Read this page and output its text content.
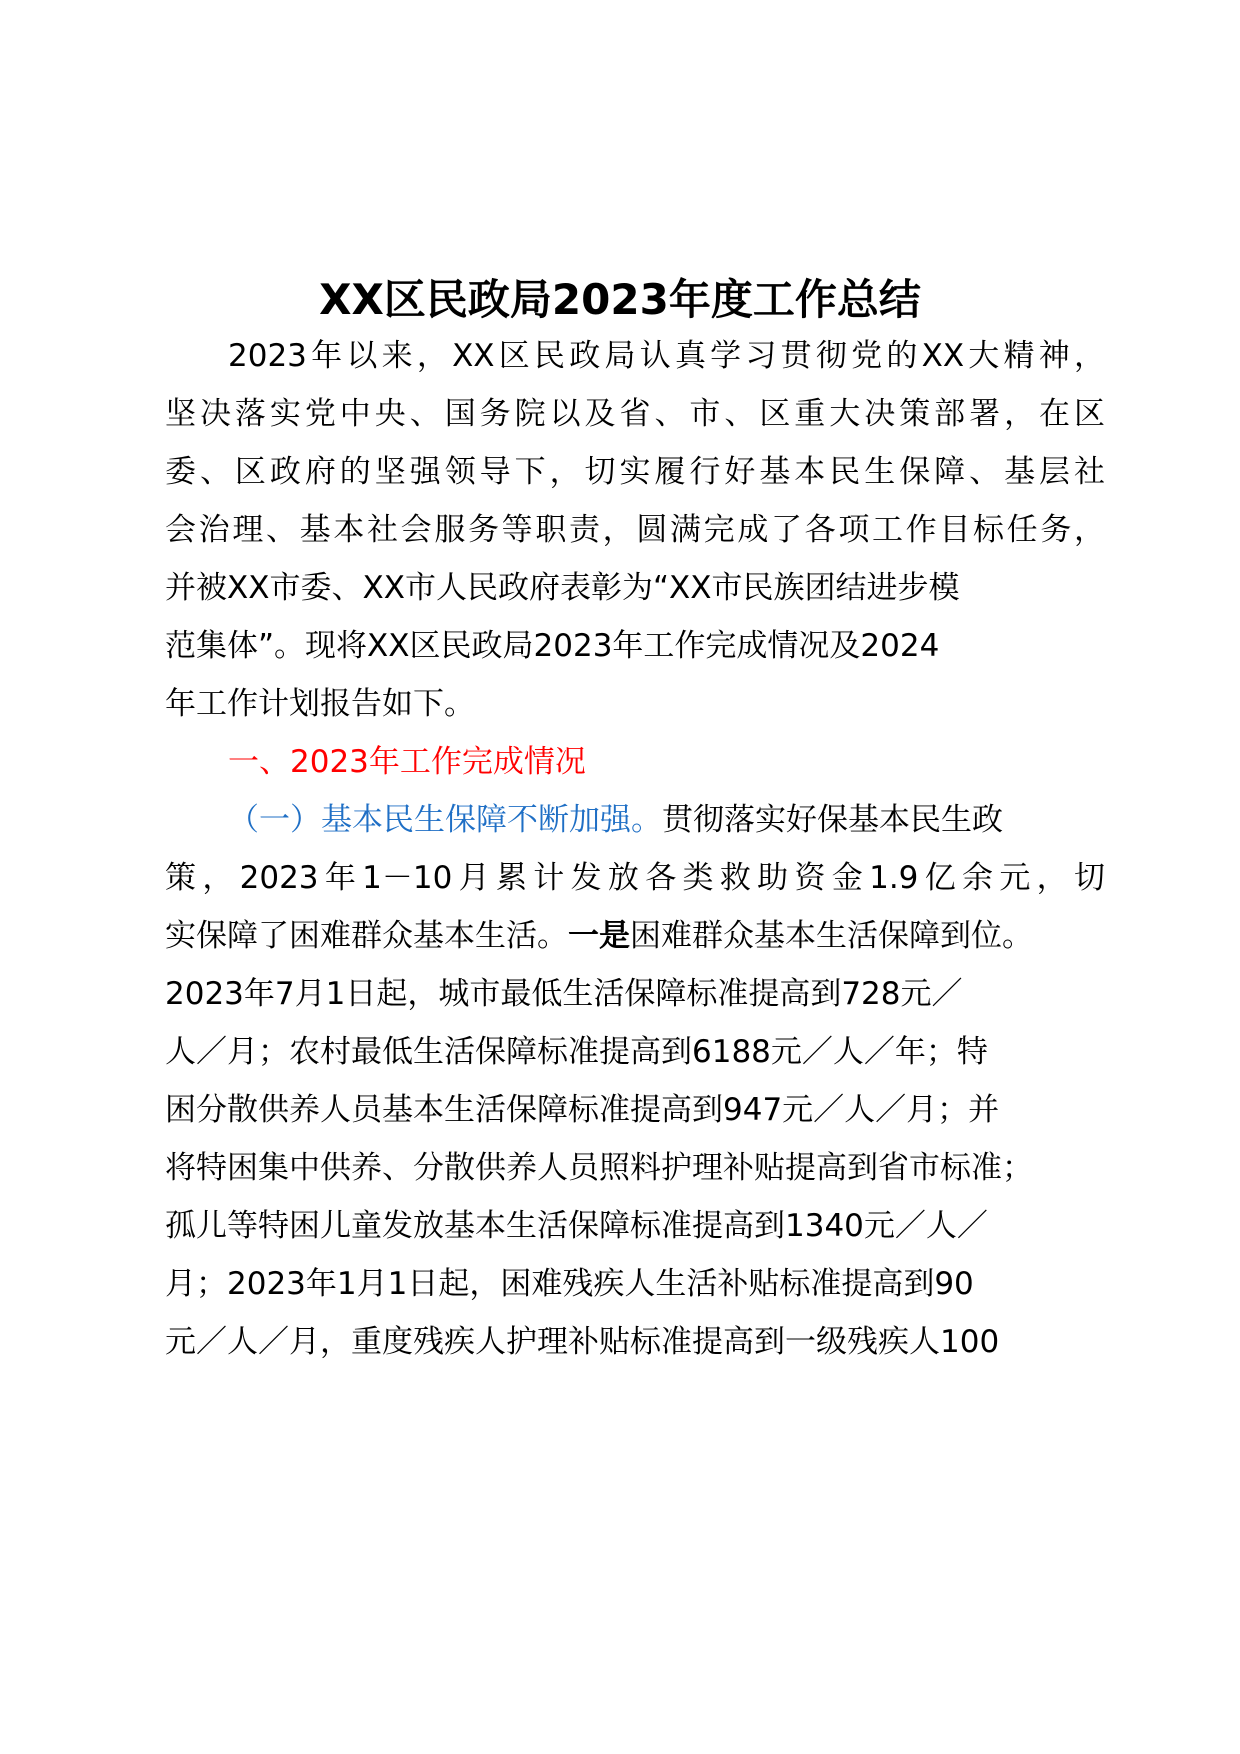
XX区民政局2023年度工作总结
2023年以来，XX区民政局认真学习贯彻党的XX大精神，
坚决落实党中央、国务院以及省、市、区重大决策部署，在区
委、区政府的坚强领导下，切实履行好基本民生保障、基层社
会治理、基本社会服务等职责，圆满完成了各项工作目标任务，
并被XX市委、XX市人民政府表彰为“XX市民族团结进步模
范集体”。现将XX区民政局2023年工作完成情况及2024
年工作计划报告如下。
一、2023年工作完成情况
（一）基本民生保障不断加强。贯彻落实好保基本民生政
策，2023年1－10月累计发放各类救助资金1.9亿余元，切
实保障了困难群众基本生活。一是困难群众基本生活保障到位。
2023年7月1日起，城市最低生活保障标准提高到728元／
人／月；农村最低生活保障标准提高到6188元／人／年；特
困分散供养人员基本生活保障标准提高到947元／人／月；并
将特困集中供养、分散供养人员照料护理补贴提高到省市标准；
孤儿等特困儿童发放基本生活保障标准提高到1340元／人／
月；2023年1月1日起，困难残疾人生活补贴标准提高到90
元／人／月，重度残疾人护理补贴标准提高到一级残疾人100
